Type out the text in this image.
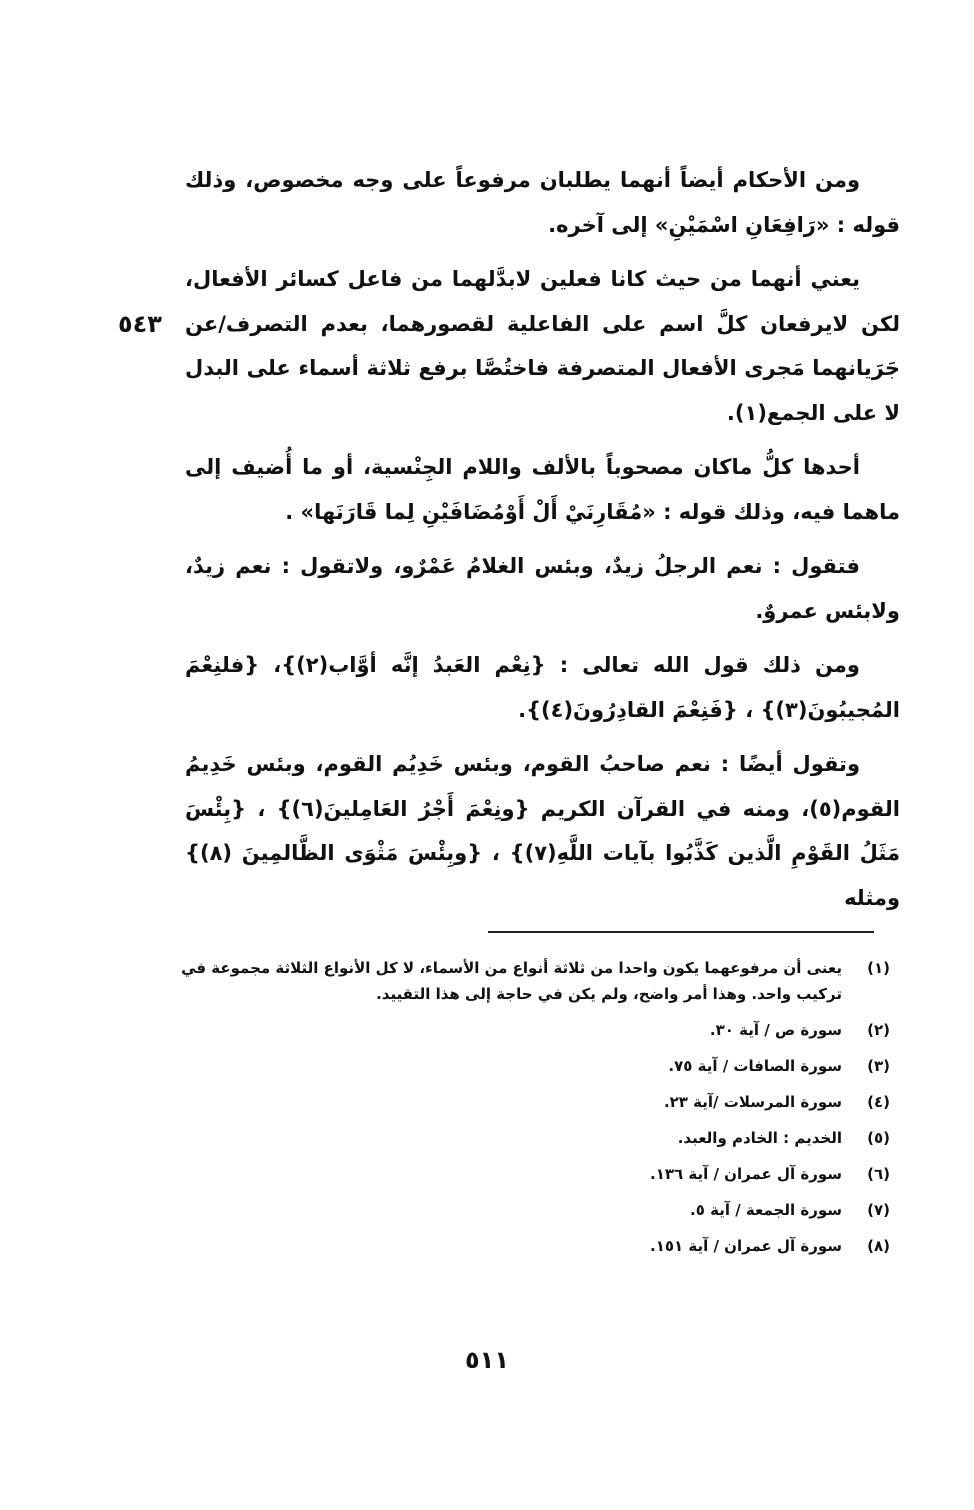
٥٤٣

ومن الأحكام أيضاً أنهما يطلبان مرفوعاً على وجه مخصوص، وذلك قوله : «رَافِعَانِ اسْمَيْنِ» إلى آخره.

يعني أنهما من حيث كانا فعلين لابدَّلهما من فاعل كسائر الأفعال، لكن لايرفعان كلَّ اسم على الفاعلية لقصورهما، بعدم التصرف/عن جَرَيانهما مَجرى الأفعال المتصرفة فاختُصَّا برفع ثلاثة أسماء على البدل لا على الجمع(١).

أحدها كلُّ ماكان مصحوباً بالألف واللام الجِنْسية، أو ما أُضيف إلى ماهما فيه، وذلك قوله : «مُقَارِنَيْ أَلْ أَوْمُضَافَيْنِ لِما قَارَنَها» .

فتقول : نعم الرجلُ زيدٌ، وبئس الغلامُ عَمْرٌو، ولاتقول : نعم زيدٌ، ولابئس عمروٌ.

ومن ذلك قول الله تعالى : {نِعْم العَبدُ إنَّه أوَّاب(٢)}، {فلنِعْمَ المُجيبُونَ(٣)} ، {فَنِعْمَ القادِرُونَ(٤)}.

وتقول أيضًا : نعم صاحبُ القوم، وبئس خَدِيُم القوم، وبئس خَدِيمُ القوم(٥)، ومنه في القرآن الكريم {ونِعْمَ أَجْرُ العَامِلينَ(٦)} ، {بِئْسَ مَثَلُ القَوْمِ الَّذين كَذَّبُوا بآيات اللَّهِ(٧)} ، {وبِئْسَ مَثْوَى الظَّالمِينَ (٨)} ومثله

(١)
يعنى أن مرفوعهما يكون واحدا من ثلاثة أنواع من الأسماء، لا كل الأنواع الثلاثة مجموعة في تركيب واحد. وهذا أمر واضح، ولم يكن في حاجة إلى هذا التقييد.
(٢)
سورة ص / آية ٣٠.
(٣)
سورة الصافات / آية ٧٥.
(٤)
سورة المرسلات /آية ٢٣.
(٥)
الخديم : الخادم والعبد.
(٦)
سورة آل عمران / آية ١٣٦.
(٧)
سورة الجمعة / آية ٥.
(٨)
سورة آل عمران / آية ١٥١.
٥١١
